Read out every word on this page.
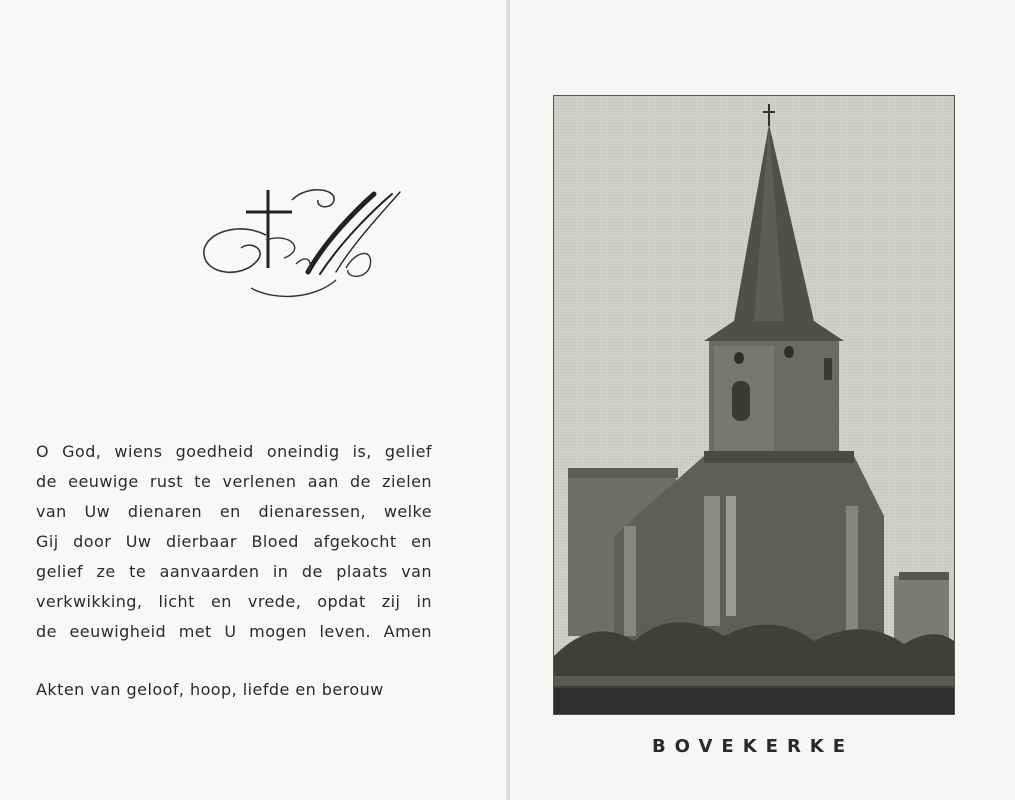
O God, wiens goedheid oneindig is, gelief

de eeuwige rust te verlenen aan de zielen

van Uw dienaren en dienaressen, welke

Gij door Uw dierbaar Bloed afgekocht en

gelief ze te aanvaarden in de plaats van

verkwikking, licht en vrede, opdat zij in

de eeuwigheid met U mogen leven. Amen

Akten van geloof, hoop, liefde en berouw
BOVEKERKE
